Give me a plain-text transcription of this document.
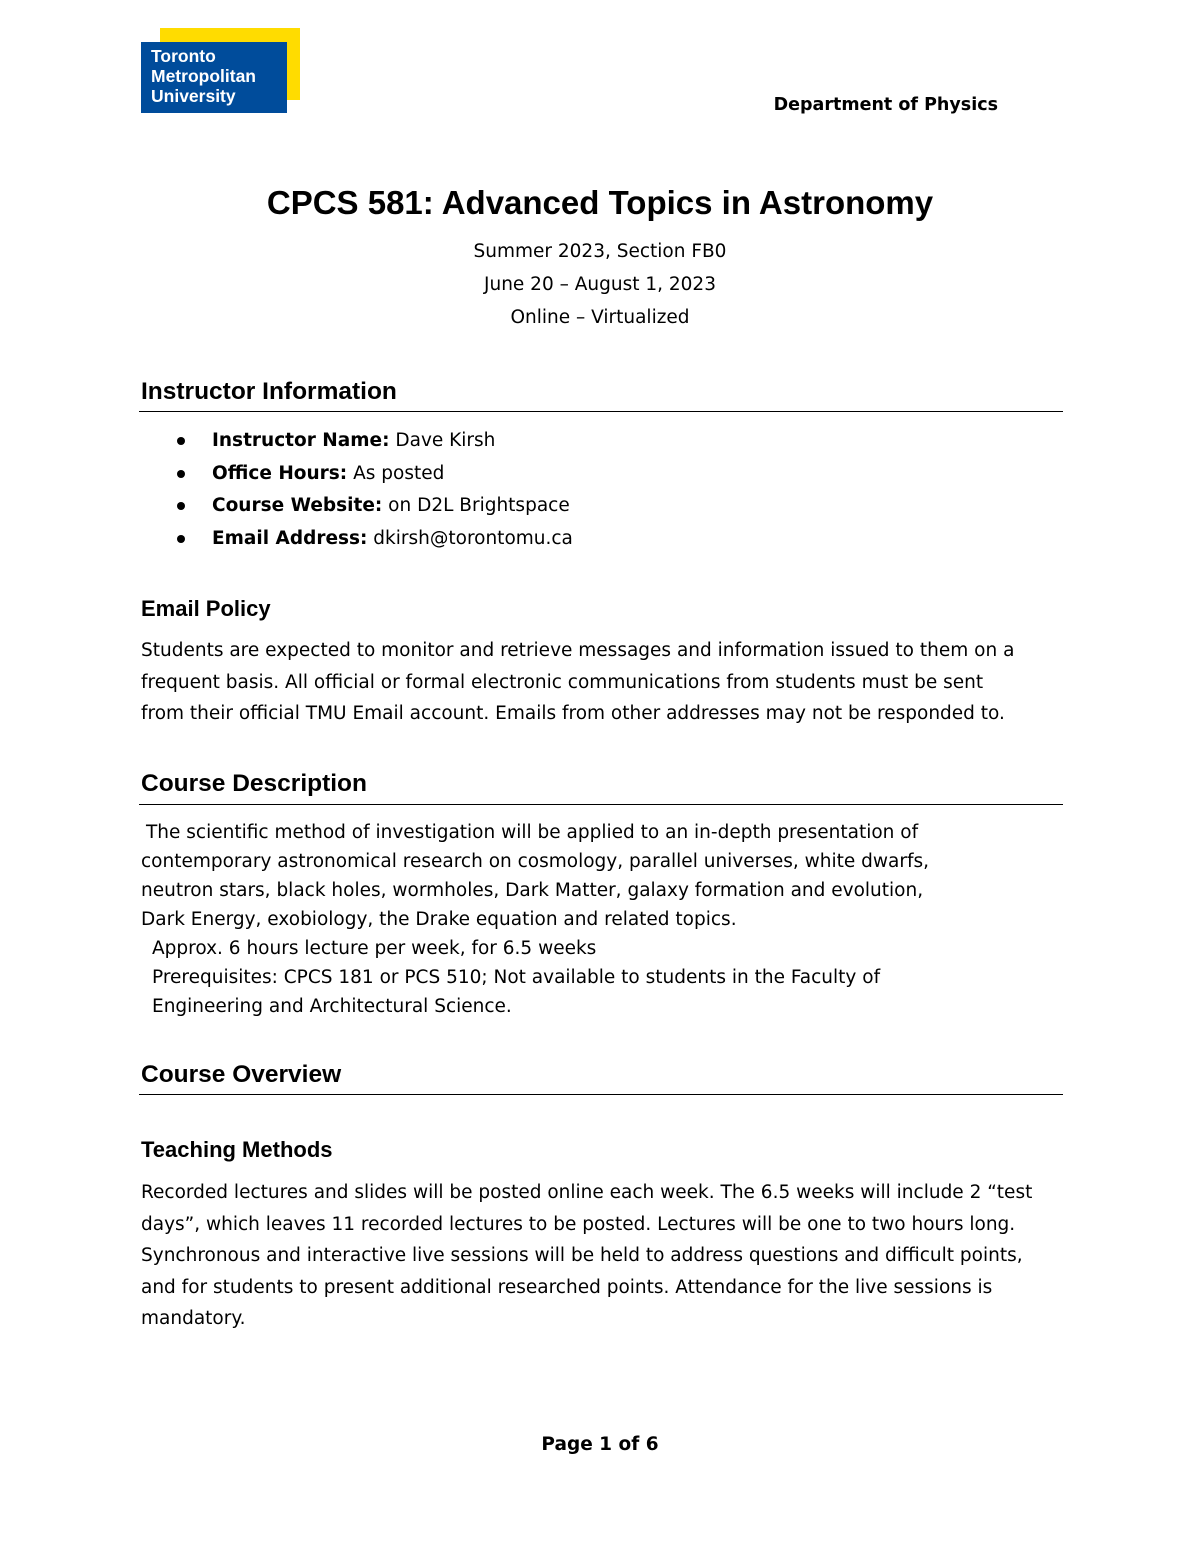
Toronto
Metropolitan
University	Department of Physics
CPCS 581: Advanced Topics in Astronomy
Summer 2023, Section FB0
June 20 – August 1, 2023
Online – Virtualized
Instructor Information
Instructor Name: Dave Kirsh
Office Hours: As posted
Course Website: on D2L Brightspace
Email Address: dkirsh@torontomu.ca
Email Policy
Students are expected to monitor and retrieve messages and information issued to them on a
frequent basis. All official or formal electronic communications from students must be sent
from their official TMU Email account. Emails from other addresses may not be responded to.
Course Description
The scientific method of investigation will be applied to an in-depth presentation of
contemporary astronomical research on cosmology, parallel universes, white dwarfs,
neutron stars, black holes, wormholes, Dark Matter, galaxy formation and evolution,
Dark Energy, exobiology, the Drake equation and related topics.
Approx. 6 hours lecture per week, for 6.5 weeks
Prerequisites: CPCS 181 or PCS 510; Not available to students in the Faculty of
Engineering and Architectural Science.
Course Overview
Teaching Methods
Recorded lectures and slides will be posted online each week. The 6.5 weeks will include 2 “test
days”, which leaves 11 recorded lectures to be posted. Lectures will be one to two hours long.
Synchronous and interactive live sessions will be held to address questions and difficult points,
and for students to present additional researched points. Attendance for the live sessions is
mandatory.
Page 1 of 6
